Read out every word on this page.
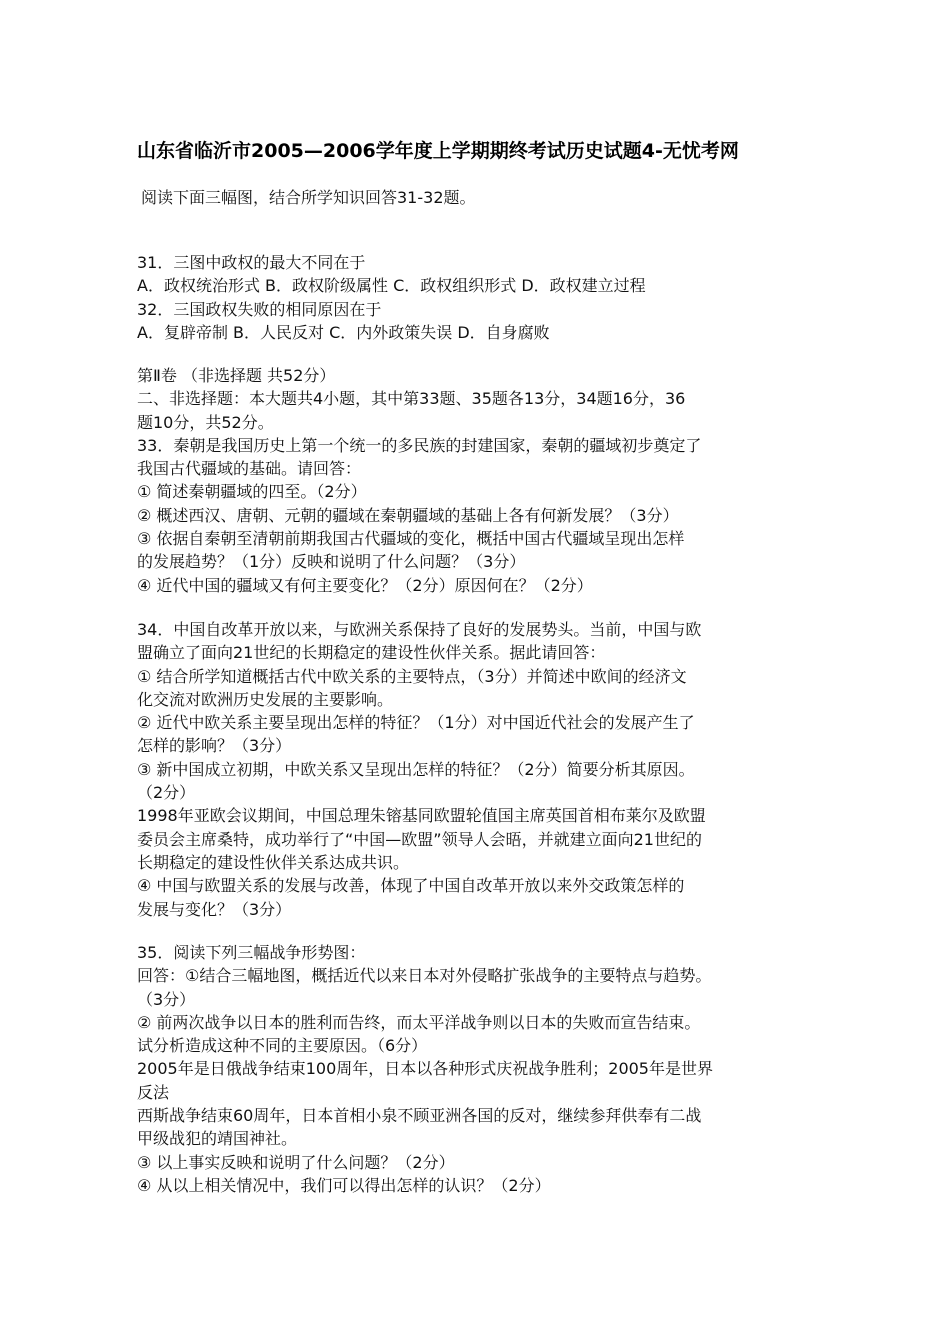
山东省临沂市2005—2006学年度上学期期终考试历史试题4-无忧考网
阅读下面三幅图，结合所学知识回答31-32题。
31．三图中政权的最大不同在于
A．政权统治形式 B．政权阶级属性 C．政权组织形式 D．政权建立过程
32．三国政权失败的相同原因在于
A．复辟帝制 B．人民反对 C．内外政策失误 D．自身腐败
第Ⅱ卷 （非选择题 共52分）
二、非选择题：本大题共4小题，其中第33题、35题各13分，34题16分，36
题10分，共52分。
33．秦朝是我国历史上第一个统一的多民族的封建国家，秦朝的疆域初步奠定了
我国古代疆域的基础。请回答：
① 简述秦朝疆域的四至。（2分）
② 概述西汉、唐朝、元朝的疆域在秦朝疆域的基础上各有何新发展？（3分）
③ 依据自秦朝至清朝前期我国古代疆域的变化，概括中国古代疆域呈现出怎样
的发展趋势？（1分）反映和说明了什么问题？（3分）
④ 近代中国的疆域又有何主要变化？（2分）原因何在？（2分）
34．中国自改革开放以来，与欧洲关系保持了良好的发展势头。当前，中国与欧
盟确立了面向21世纪的长期稳定的建设性伙伴关系。据此请回答：
① 结合所学知道概括古代中欧关系的主要特点，（3分）并简述中欧间的经济文
化交流对欧洲历史发展的主要影响。
② 近代中欧关系主要呈现出怎样的特征？（1分）对中国近代社会的发展产生了
怎样的影响？（3分）
③ 新中国成立初期，中欧关系又呈现出怎样的特征？（2分）简要分析其原因。
（2分）
1998年亚欧会议期间，中国总理朱镕基同欧盟轮值国主席英国首相布莱尔及欧盟
委员会主席桑特，成功举行了“中国—欧盟”领导人会晤，并就建立面向21世纪的
长期稳定的建设性伙伴关系达成共识。
④ 中国与欧盟关系的发展与改善，体现了中国自改革开放以来外交政策怎样的
发展与变化？（3分）
35．阅读下列三幅战争形势图：
回答：①结合三幅地图，概括近代以来日本对外侵略扩张战争的主要特点与趋势。
（3分）
② 前两次战争以日本的胜利而告终，而太平洋战争则以日本的失败而宣告结束。
试分析造成这种不同的主要原因。（6分）
2005年是日俄战争结束100周年，日本以各种形式庆祝战争胜利；2005年是世界
反法
西斯战争结束60周年，日本首相小泉不顾亚洲各国的反对，继续参拜供奉有二战
甲级战犯的靖国神社。
③ 以上事实反映和说明了什么问题？（2分）
④ 从以上相关情况中，我们可以得出怎样的认识？（2分）
